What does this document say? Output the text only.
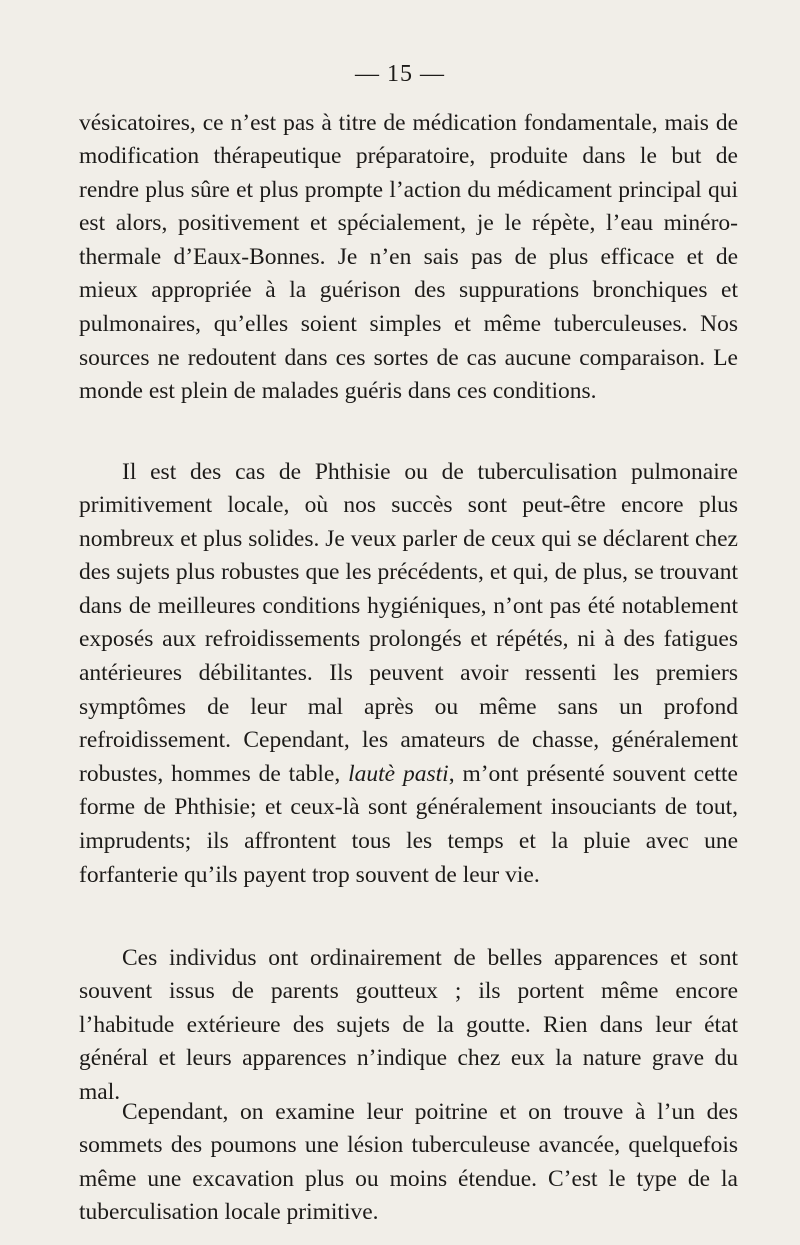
— 15 —

vésicatoires, ce n’est pas à titre de médication fondamentale, mais de modification thérapeutique préparatoire, produite dans le but de rendre plus sûre et plus prompte l’action du médicament principal qui est alors, positivement et spécialement, je le répète, l’eau minéro-thermale d’Eaux-Bonnes. Je n’en sais pas de plus efficace et de mieux appropriée à la guérison des suppurations bronchiques et pulmonaires, qu’elles soient simples et même tuberculeuses. Nos sources ne redoutent dans ces sortes de cas aucune comparaison. Le monde est plein de malades guéris dans ces conditions.

Il est des cas de Phthisie ou de tuberculisation pulmonaire primitivement locale, où nos succès sont peut-être encore plus nombreux et plus solides. Je veux parler de ceux qui se déclarent chez des sujets plus robustes que les précédents, et qui, de plus, se trouvant dans de meilleures conditions hygiéniques, n’ont pas été notablement exposés aux refroidissements prolongés et répétés, ni à des fatigues antérieures débilitantes. Ils peuvent avoir ressenti les premiers symptômes de leur mal après ou même sans un profond refroidissement. Cependant, les amateurs de chasse, généralement robustes, hommes de table, lautè pasti, m’ont présenté souvent cette forme de Phthisie; et ceux-là sont généralement insouciants de tout, imprudents; ils affrontent tous les temps et la pluie avec une forfanterie qu’ils payent trop souvent de leur vie.

Ces individus ont ordinairement de belles apparences et sont souvent issus de parents goutteux ; ils portent même encore l’habitude extérieure des sujets de la goutte. Rien dans leur état général et leurs apparences n’indique chez eux la nature grave du mal.

Cependant, on examine leur poitrine et on trouve à l’un des sommets des poumons une lésion tuberculeuse avancée, quelquefois même une excavation plus ou moins étendue. C’est le type de la tuberculisation locale primitive.
